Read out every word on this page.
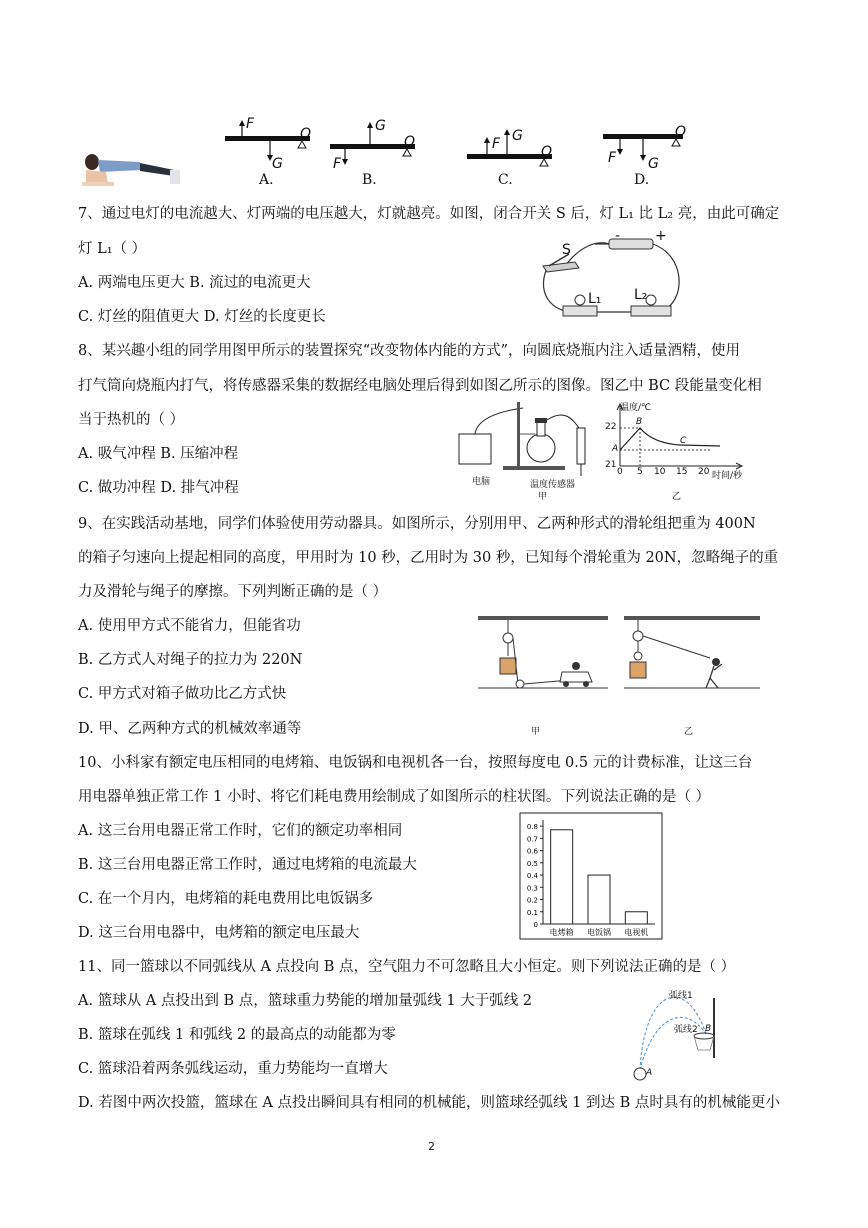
F
G
O
A.
G
F
O
B.
F G
O
C.
F G
O
D.
7、通过电灯的电流越大、灯两端的电压越大，灯就越亮。如图，闭合开关 S 后，灯 L₁ 比 L₂ 亮，由此可确定
灯 L₁（ ）
A. 两端电压更大 B. 流过的电流更大
C. 灯丝的阻值更大 D. 灯丝的长度更长
S
L₁ L₂
- +
8、某兴趣小组的同学用图甲所示的装置探究“改变物体内能的方式”，向圆底烧瓶内注入适量酒精，使用
打气筒向烧瓶内打气，将传感器采集的数据经电脑处理后得到如图乙所示的图像。图乙中 BC 段能量变化相
当于热机的（ ）
A. 吸气冲程 B. 压缩冲程
C. 做功冲程 D. 排气冲程	电脑	温度传感器
甲
温度/℃
时间/秒
22
21
0 5 10 15 20
B
A
C
乙
9、在实践活动基地，同学们体验使用劳动器具。如图所示，分别用甲、乙两种形式的滑轮组把重为 400N
的箱子匀速向上提起相同的高度，甲用时为 10 秒，乙用时为 30 秒，已知每个滑轮重为 20N，忽略绳子的重
力及滑轮与绳子的摩擦。下列判断正确的是（ ）
A. 使用甲方式不能省力，但能省功
B. 乙方式人对绳子的拉力为 220N
C. 甲方式对箱子做功比乙方式快
D. 甲、乙两种方式的机械效率通等	甲	乙
10、小科家有额定电压相同的电烤箱、电饭锅和电视机各一台，按照每度电 0.5 元的计费标准，让这三台
用电器单独正常工作 1 小时、将它们耗电费用绘制成了如图所示的柱状图。下列说法正确的是（ ）
A. 这三台用电器正常工作时，它们的额定功率相同
B. 这三台用电器正常工作时，通过电烤箱的电流最大
C. 在一个月内，电烤箱的耗电费用比电饭锅多
D. 这三台用电器中，电烤箱的额定电压最大	0
0.1
0.2
0.3
0.4
0.5
0.6
0.7
0.8
电烤箱 电饭锅 电视机
11、同一篮球以不同弧线从 A 点投向 B 点，空气阻力不可忽略且大小恒定。则下列说法正确的是（ ）
A. 篮球从 A 点投出到 B 点，篮球重力势能的增加量弧线 1 大于弧线 2
B. 篮球在弧线 1 和弧线 2 的最高点的动能都为零
C. 篮球沿着两条弧线运动，重力势能均一直增大
D. 若图中两次投篮，篮球在 A 点投出瞬间具有相同的机械能，则篮球经弧线 1 到达 B 点时具有的机械能更小
弧线1
弧线2 B
A
2
